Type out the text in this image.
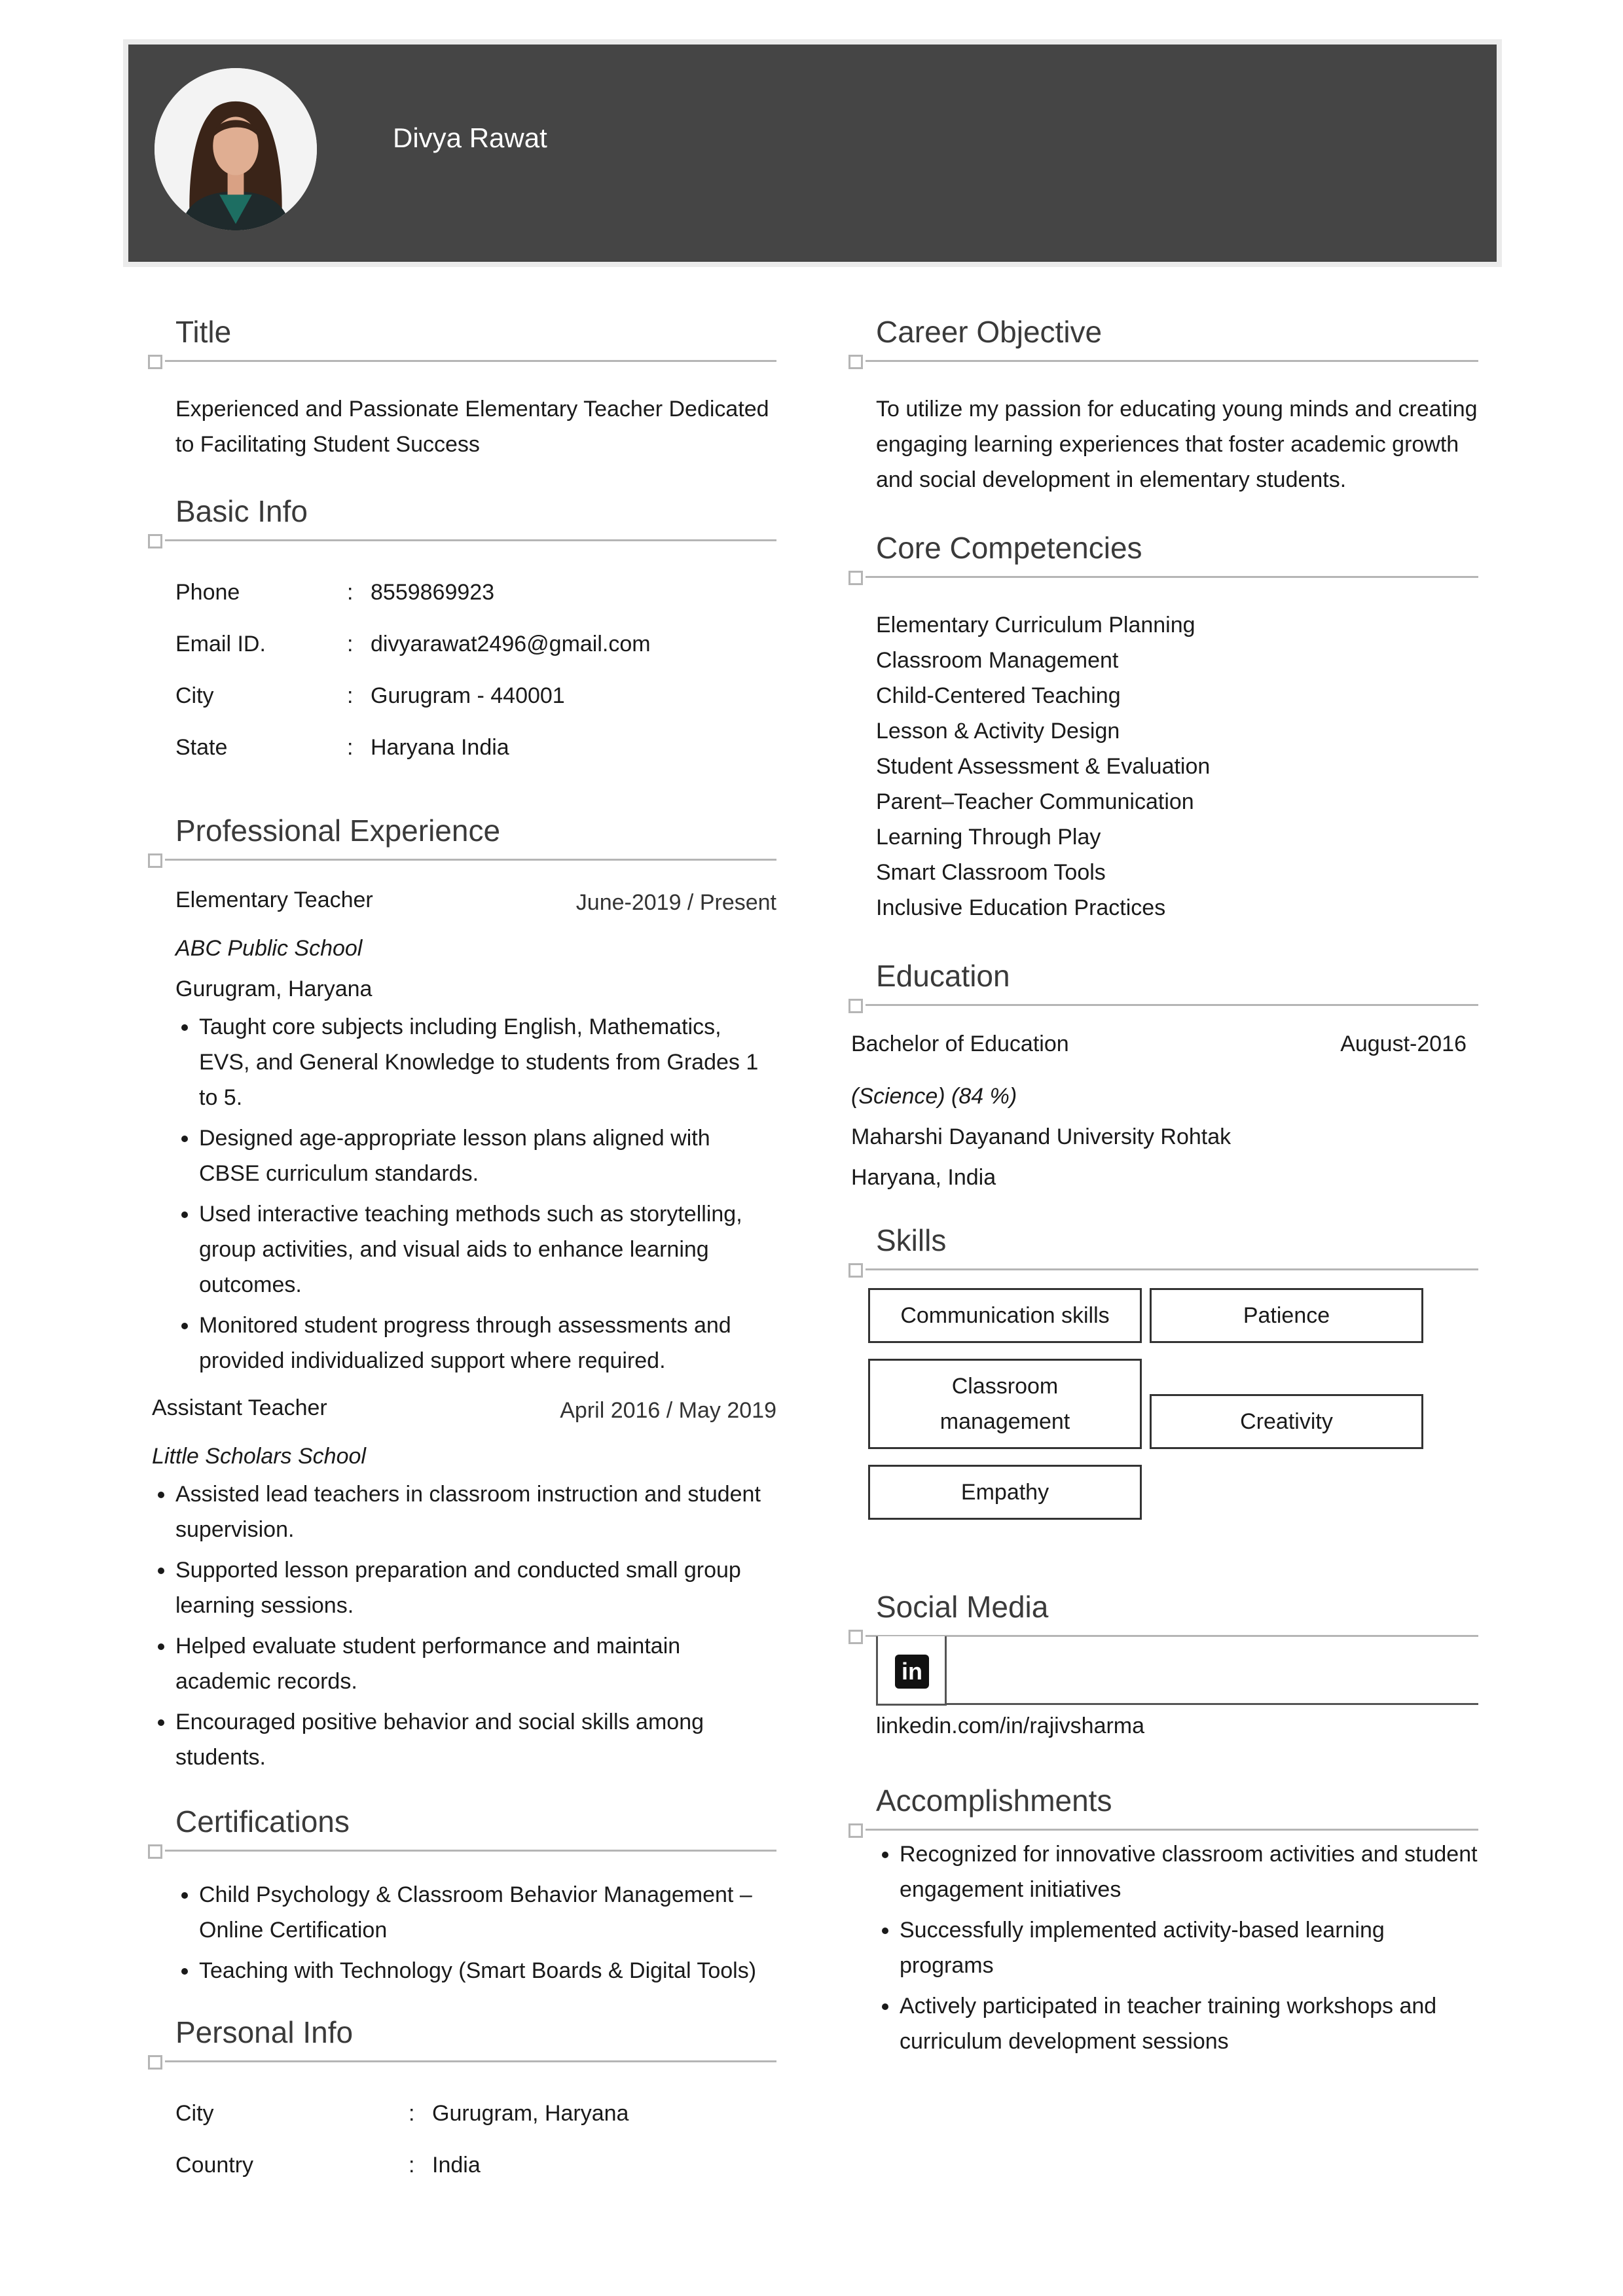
Divya Rawat
Title
Experienced and Passionate Elementary Teacher Dedicated to Facilitating Student Success
Basic Info
Phone	: 8559869923
Email ID.	: divyarawat2496@gmail.com
City	: Gurugram - 440001
State	: Haryana India
Professional Experience
Elementary Teacher	June-2019 / Present
ABC Public School
Gurugram, Haryana
• Taught core subjects including English, Mathematics, EVS, and General Knowledge to students from Grades 1 to 5.
• Designed age-appropriate lesson plans aligned with CBSE curriculum standards.
• Used interactive teaching methods such as storytelling, group activities, and visual aids to enhance learning outcomes.
• Monitored student progress through assessments and provided individualized support where required.
Assistant Teacher	April 2016 / May 2019
Little Scholars School
• Assisted lead teachers in classroom instruction and student supervision.
• Supported lesson preparation and conducted small group learning sessions.
• Helped evaluate student performance and maintain academic records.
• Encouraged positive behavior and social skills among students.
Certifications
• Child Psychology & Classroom Behavior Management – Online Certification
• Teaching with Technology (Smart Boards & Digital Tools)
Personal Info
City	: Gurugram, Haryana
Country	: India
Career Objective
To utilize my passion for educating young minds and creating engaging learning experiences that foster academic growth and social development in elementary students.
Core Competencies
Elementary Curriculum Planning
Classroom Management
Child-Centered Teaching
Lesson & Activity Design
Student Assessment & Evaluation
Parent–Teacher Communication
Learning Through Play
Smart Classroom Tools
Inclusive Education Practices
Education
Bachelor of Education	August-2016
(Science) (84 %)
Maharshi Dayanand University Rohtak
Haryana, India
Skills
Communication skills	Patience
Classroom management	Creativity
Empathy
Social Media
in
linkedin.com/in/rajivsharma
Accomplishments
• Recognized for innovative classroom activities and student engagement initiatives
• Successfully implemented activity-based learning programs
• Actively participated in teacher training workshops and curriculum development sessions
